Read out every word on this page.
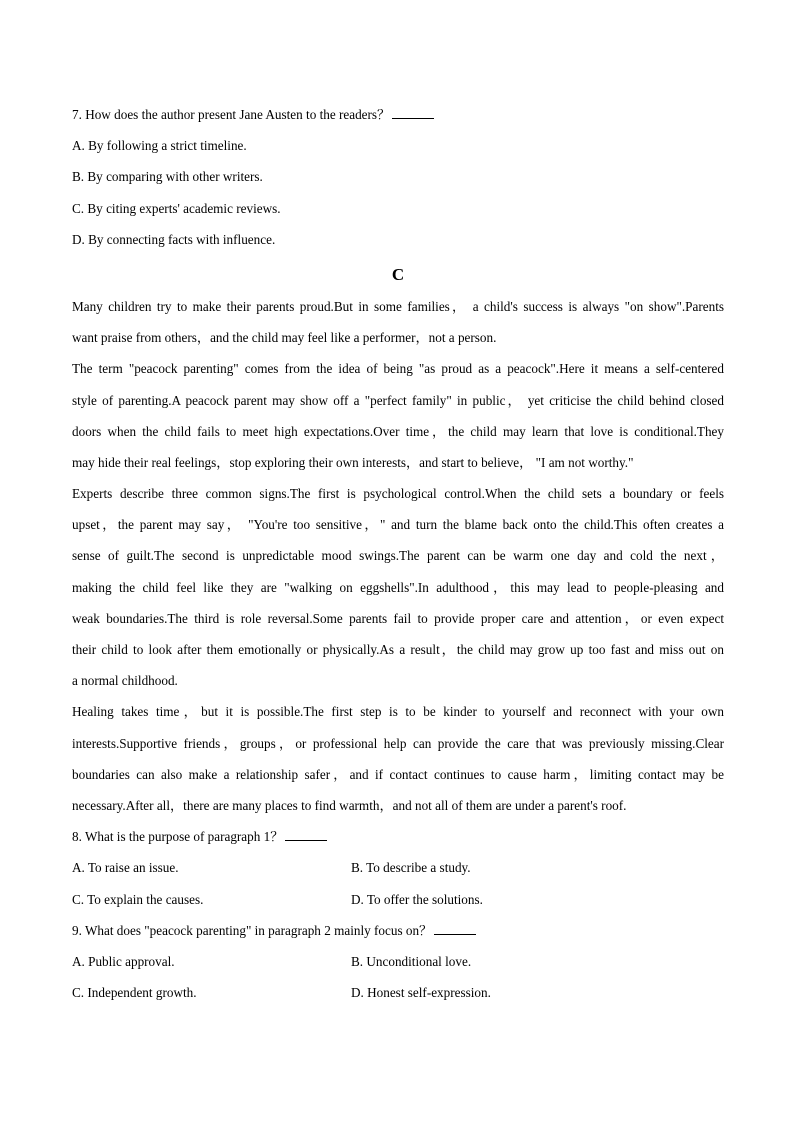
7. How does the author present Jane Austen to the readers？
A. By following a strict timeline.
B. By comparing with other writers.
C. By citing experts' academic reviews.
D. By connecting facts with influence.
C
Many children try to make their parents proud.But in some families， a child's success is always "on show".Parents
want praise from others，and the child may feel like a performer，not a person.
The term "peacock parenting" comes from the idea of being "as proud as a peacock".Here it means a self-centered
style of parenting.A peacock parent may show off a "perfect family" in public， yet criticise the child behind closed
doors when the child fails to meet high expectations.Over time，the child may learn that love is conditional.They
may hide their real feelings，stop exploring their own interests，and start to believe， "I am not worthy."
Experts describe three common signs.The first is psychological control.When the child sets a boundary or feels
upset，the parent may say， "You're too sensitive，" and turn the blame back onto the child.This often creates a
sense of guilt.The second is unpredictable mood swings.The parent can be warm one day and cold the next，
making the child feel like they are "walking on eggshells".In adulthood，this may lead to people-pleasing and
weak boundaries.The third is role reversal.Some parents fail to provide proper care and attention，or even expect
their child to look after them emotionally or physically.As a result，the child may grow up too fast and miss out on
a normal childhood.
Healing takes time，but it is possible.The first step is to be kinder to yourself and reconnect with your own
interests.Supportive friends，groups，or professional help can provide the care that was previously missing.Clear
boundaries can also make a relationship safer，and if contact continues to cause harm，limiting contact may be
necessary.After all，there are many places to find warmth，and not all of them are under a parent's roof.
8. What is the purpose of paragraph 1？
A. To raise an issue.	B. To describe a study.
C. To explain the causes.	D. To offer the solutions.
9. What does "peacock parenting" in paragraph 2 mainly focus on？
A. Public approval.	B. Unconditional love.
C. Independent growth.	D. Honest self-expression.
